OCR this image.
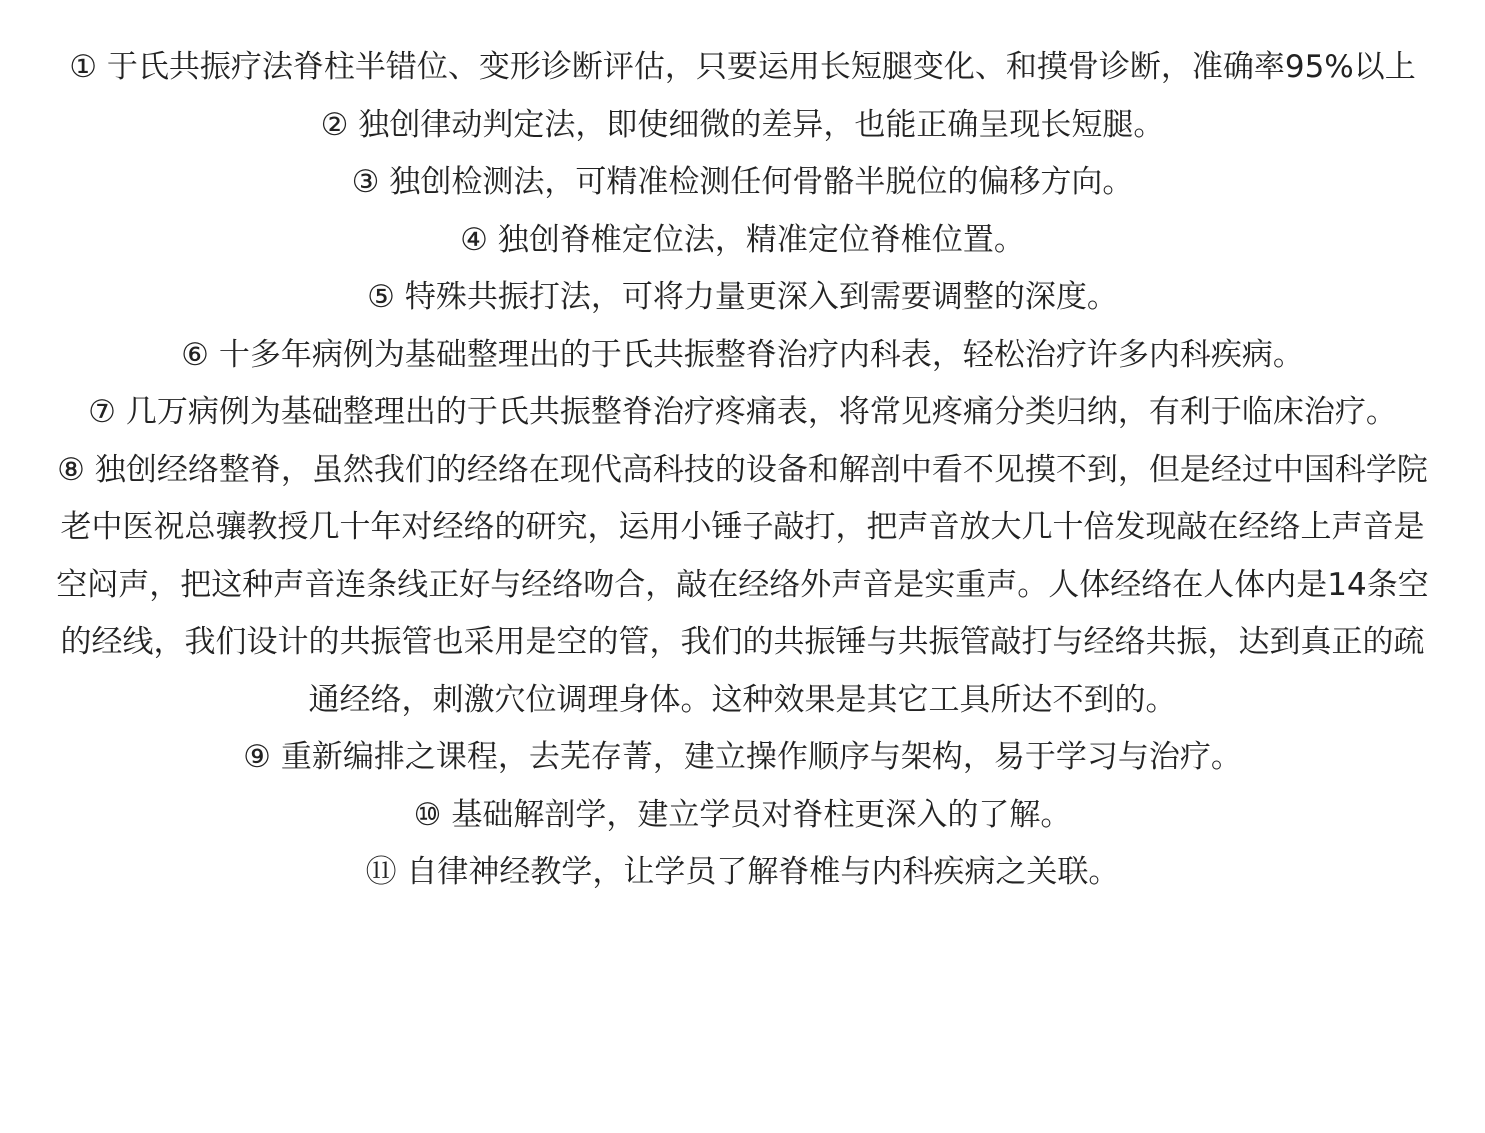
① 于氏共振疗法脊柱半错位、变形诊断评估，只要运用长短腿变化、和摸骨诊断，准确率95%以上

② 独创律动判定法，即使细微的差异，也能正确呈现长短腿。

③ 独创检测法，可精准检测任何骨骼半脱位的偏移方向。

④ 独创脊椎定位法，精准定位脊椎位置。

⑤ 特殊共振打法，可将力量更深入到需要调整的深度。

⑥ 十多年病例为基础整理出的于氏共振整脊治疗内科表，轻松治疗许多内科疾病。

⑦ 几万病例为基础整理出的于氏共振整脊治疗疼痛表，将常见疼痛分类归纳，有利于临床治疗。

⑧ 独创经络整脊，虽然我们的经络在现代高科技的设备和解剖中看不见摸不到，但是经过中国科学院老中医祝总骧教授几十年对经络的研究，运用小锤子敲打，把声音放大几十倍发现敲在经络上声音是空闷声，把这种声音连条线正好与经络吻合，敲在经络外声音是实重声。人体经络在人体内是14条空的经线，我们设计的共振管也采用是空的管，我们的共振锤与共振管敲打与经络共振，达到真正的疏通经络，刺激穴位调理身体。这种效果是其它工具所达不到的。

⑨ 重新编排之课程，去芜存菁，建立操作顺序与架构，易于学习与治疗。

⑩ 基础解剖学，建立学员对脊柱更深入的了解。

⑪ 自律神经教学，让学员了解脊椎与内科疾病之关联。
